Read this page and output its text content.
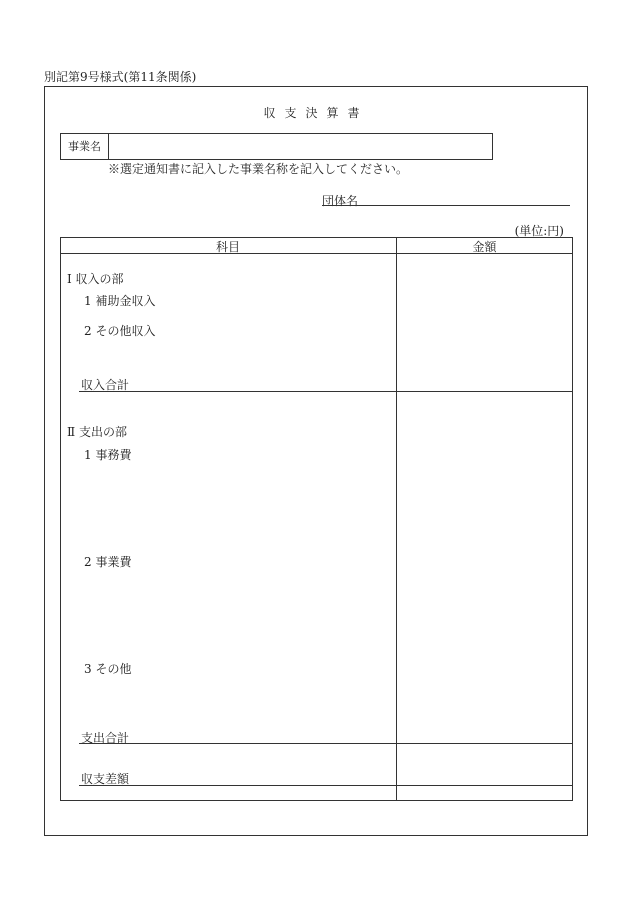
別記第9号様式(第11条関係)
収支決算書
事業名
※選定通知書に記入した事業名称を記入してください。
団体名
(単位:円)
科目	金額
Ⅰ 収入の部
1 補助金収入
2 その他収入
収入合計
Ⅱ 支出の部
1 事務費
2 事業費
3 その他
支出合計
収支差額
